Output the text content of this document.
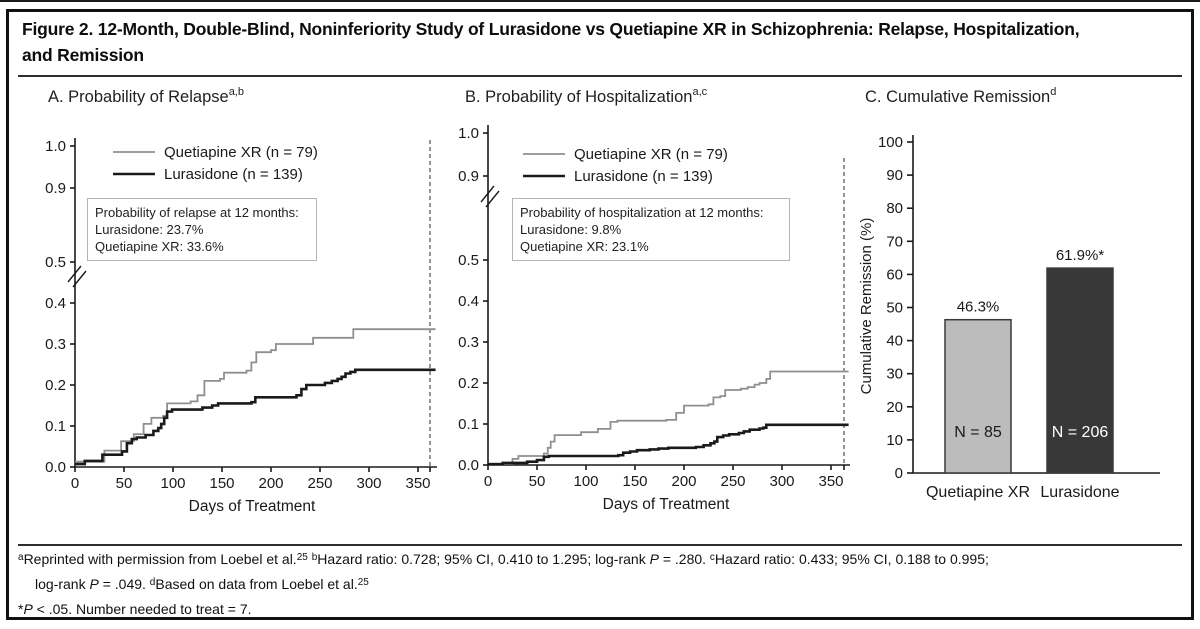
Figure 2. 12-Month, Double-Blind, Noninferiority Study of Lurasidone vs Quetiapine XR in Schizophrenia: Relapse, Hospitalization,
and Remission
A. Probability of Relapse$^{a,b}$
1.0
0.9
0.5
0.4
0.3
0.2
0.1
0.0
0 50 100 150 200 250 300 350
Quetiapine XR (n = 79)
Lurasidone (n = 139)
Days of Treatment
Probability of relapse at 12 months:
Lurasidone: 23.7%
Quetiapine XR: 33.6%
B. Probability of Hospitalization$^{a,c}$
1.0
0.9
0.5
0.4
0.3
0.2
0.1
0.0
0 50 100 150 200 250 300 350
Quetiapine XR (n = 79)
Lurasidone (n = 139)
Days of Treatment
Probability of hospitalization at 12 months:
Lurasidone: 9.8%
Quetiapine XR: 23.1%
C. Cumulative Remission$^d$
0
10
20
30
40
50
60
70
80
90
100
46.3%
N = 85
Quetiapine XR
61.9%*
N = 206
Lurasidone
Cumulative Remission (%)
$^a$Reprinted with permission from Loebel et al.$^{25}$ $^b$Hazard ratio: 0.728; 95% CI, 0.410 to 1.295; log-rank P = .280. $^c$Hazard ratio: 0.433; 95% CI, 0.188 to 0.995;
log-rank P = .049. $^d$Based on data from Loebel et al.$^{25}$
*P < .05. Number needed to treat = 7.
